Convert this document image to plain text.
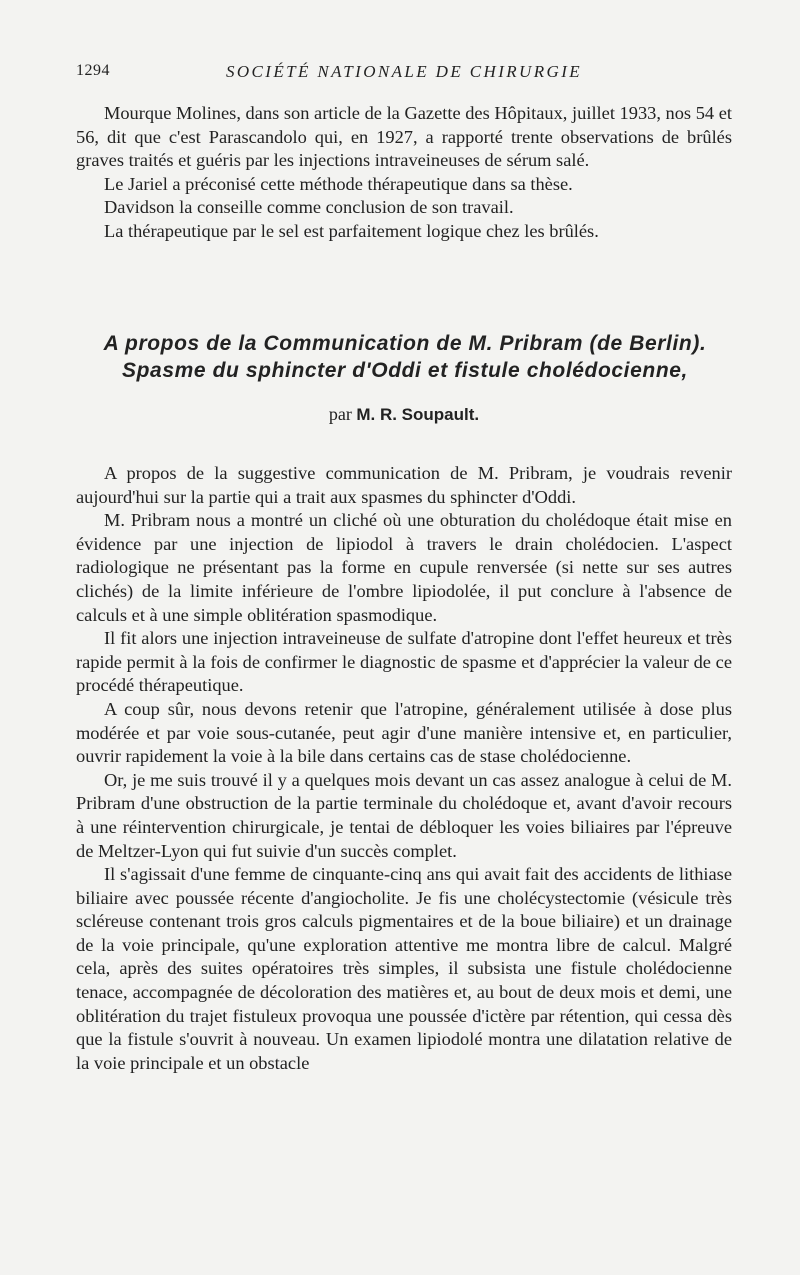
1294	SOCIÉTÉ NATIONALE DE CHIRURGIE

Mourque Molines, dans son article de la Gazette des Hôpitaux, juillet 1933, nos 54 et 56, dit que c'est Parascandolo qui, en 1927, a rapporté trente observations de brûlés graves traités et guéris par les injections intraveineuses de sérum salé.

Le Jariel a préconisé cette méthode thérapeutique dans sa thèse.

Davidson la conseille comme conclusion de son travail.

La thérapeutique par le sel est parfaitement logique chez les brûlés.

A propos de la Communication de M. Pribram (de Berlin).
Spasme du sphincter d'Oddi et fistule cholédocienne,
par M. R. Soupault.

A propos de la suggestive communication de M. Pribram, je voudrais revenir aujourd'hui sur la partie qui a trait aux spasmes du sphincter d'Oddi.

M. Pribram nous a montré un cliché où une obturation du cholédoque était mise en évidence par une injection de lipiodol à travers le drain cholédocien. L'aspect radiologique ne présentant pas la forme en cupule renversée (si nette sur ses autres clichés) de la limite inférieure de l'ombre lipiodolée, il put conclure à l'absence de calculs et à une simple oblitération spasmodique.

Il fit alors une injection intraveineuse de sulfate d'atropine dont l'effet heureux et très rapide permit à la fois de confirmer le diagnostic de spasme et d'apprécier la valeur de ce procédé thérapeutique.

A coup sûr, nous devons retenir que l'atropine, généralement utilisée à dose plus modérée et par voie sous-cutanée, peut agir d'une manière intensive et, en particulier, ouvrir rapidement la voie à la bile dans certains cas de stase cholédocienne.

Or, je me suis trouvé il y a quelques mois devant un cas assez analogue à celui de M. Pribram d'une obstruction de la partie terminale du cholédoque et, avant d'avoir recours à une réintervention chirurgicale, je tentai de débloquer les voies biliaires par l'épreuve de Meltzer-Lyon qui fut suivie d'un succès complet.

Il s'agissait d'une femme de cinquante-cinq ans qui avait fait des accidents de lithiase biliaire avec poussée récente d'angiocholite. Je fis une cholécystectomie (vésicule très scléreuse contenant trois gros calculs pigmentaires et de la boue biliaire) et un drainage de la voie principale, qu'une exploration attentive me montra libre de calcul. Malgré cela, après des suites opératoires très simples, il subsista une fistule cholédocienne tenace, accompagnée de décoloration des matières et, au bout de deux mois et demi, une oblitération du trajet fistuleux provoqua une poussée d'ictère par rétention, qui cessa dès que la fistule s'ouvrit à nouveau. Un examen lipiodolé montra une dilatation relative de la voie principale et un obstacle
